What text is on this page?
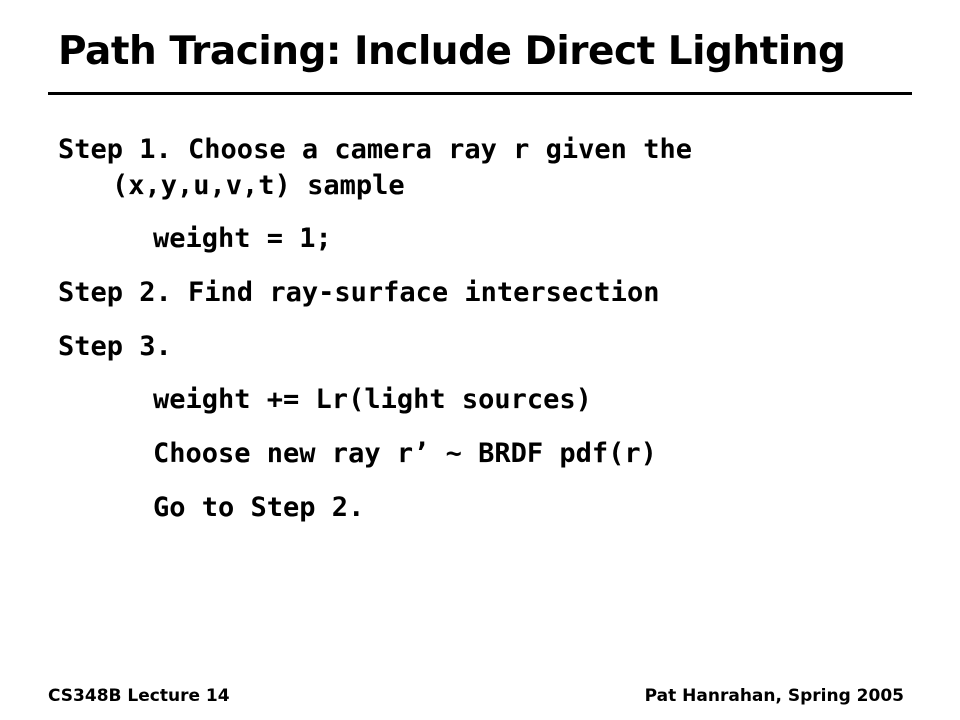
Path Tracing: Include Direct Lighting
Step 1. Choose a camera ray r given the
(x,y,u,v,t) sample
weight = 1;
Step 2. Find ray-surface intersection
Step 3.
weight += Lr(light sources)
Choose new ray r’ ~ BRDF pdf(r)
Go to Step 2.
CS348B Lecture 14	Pat Hanrahan, Spring 2005
